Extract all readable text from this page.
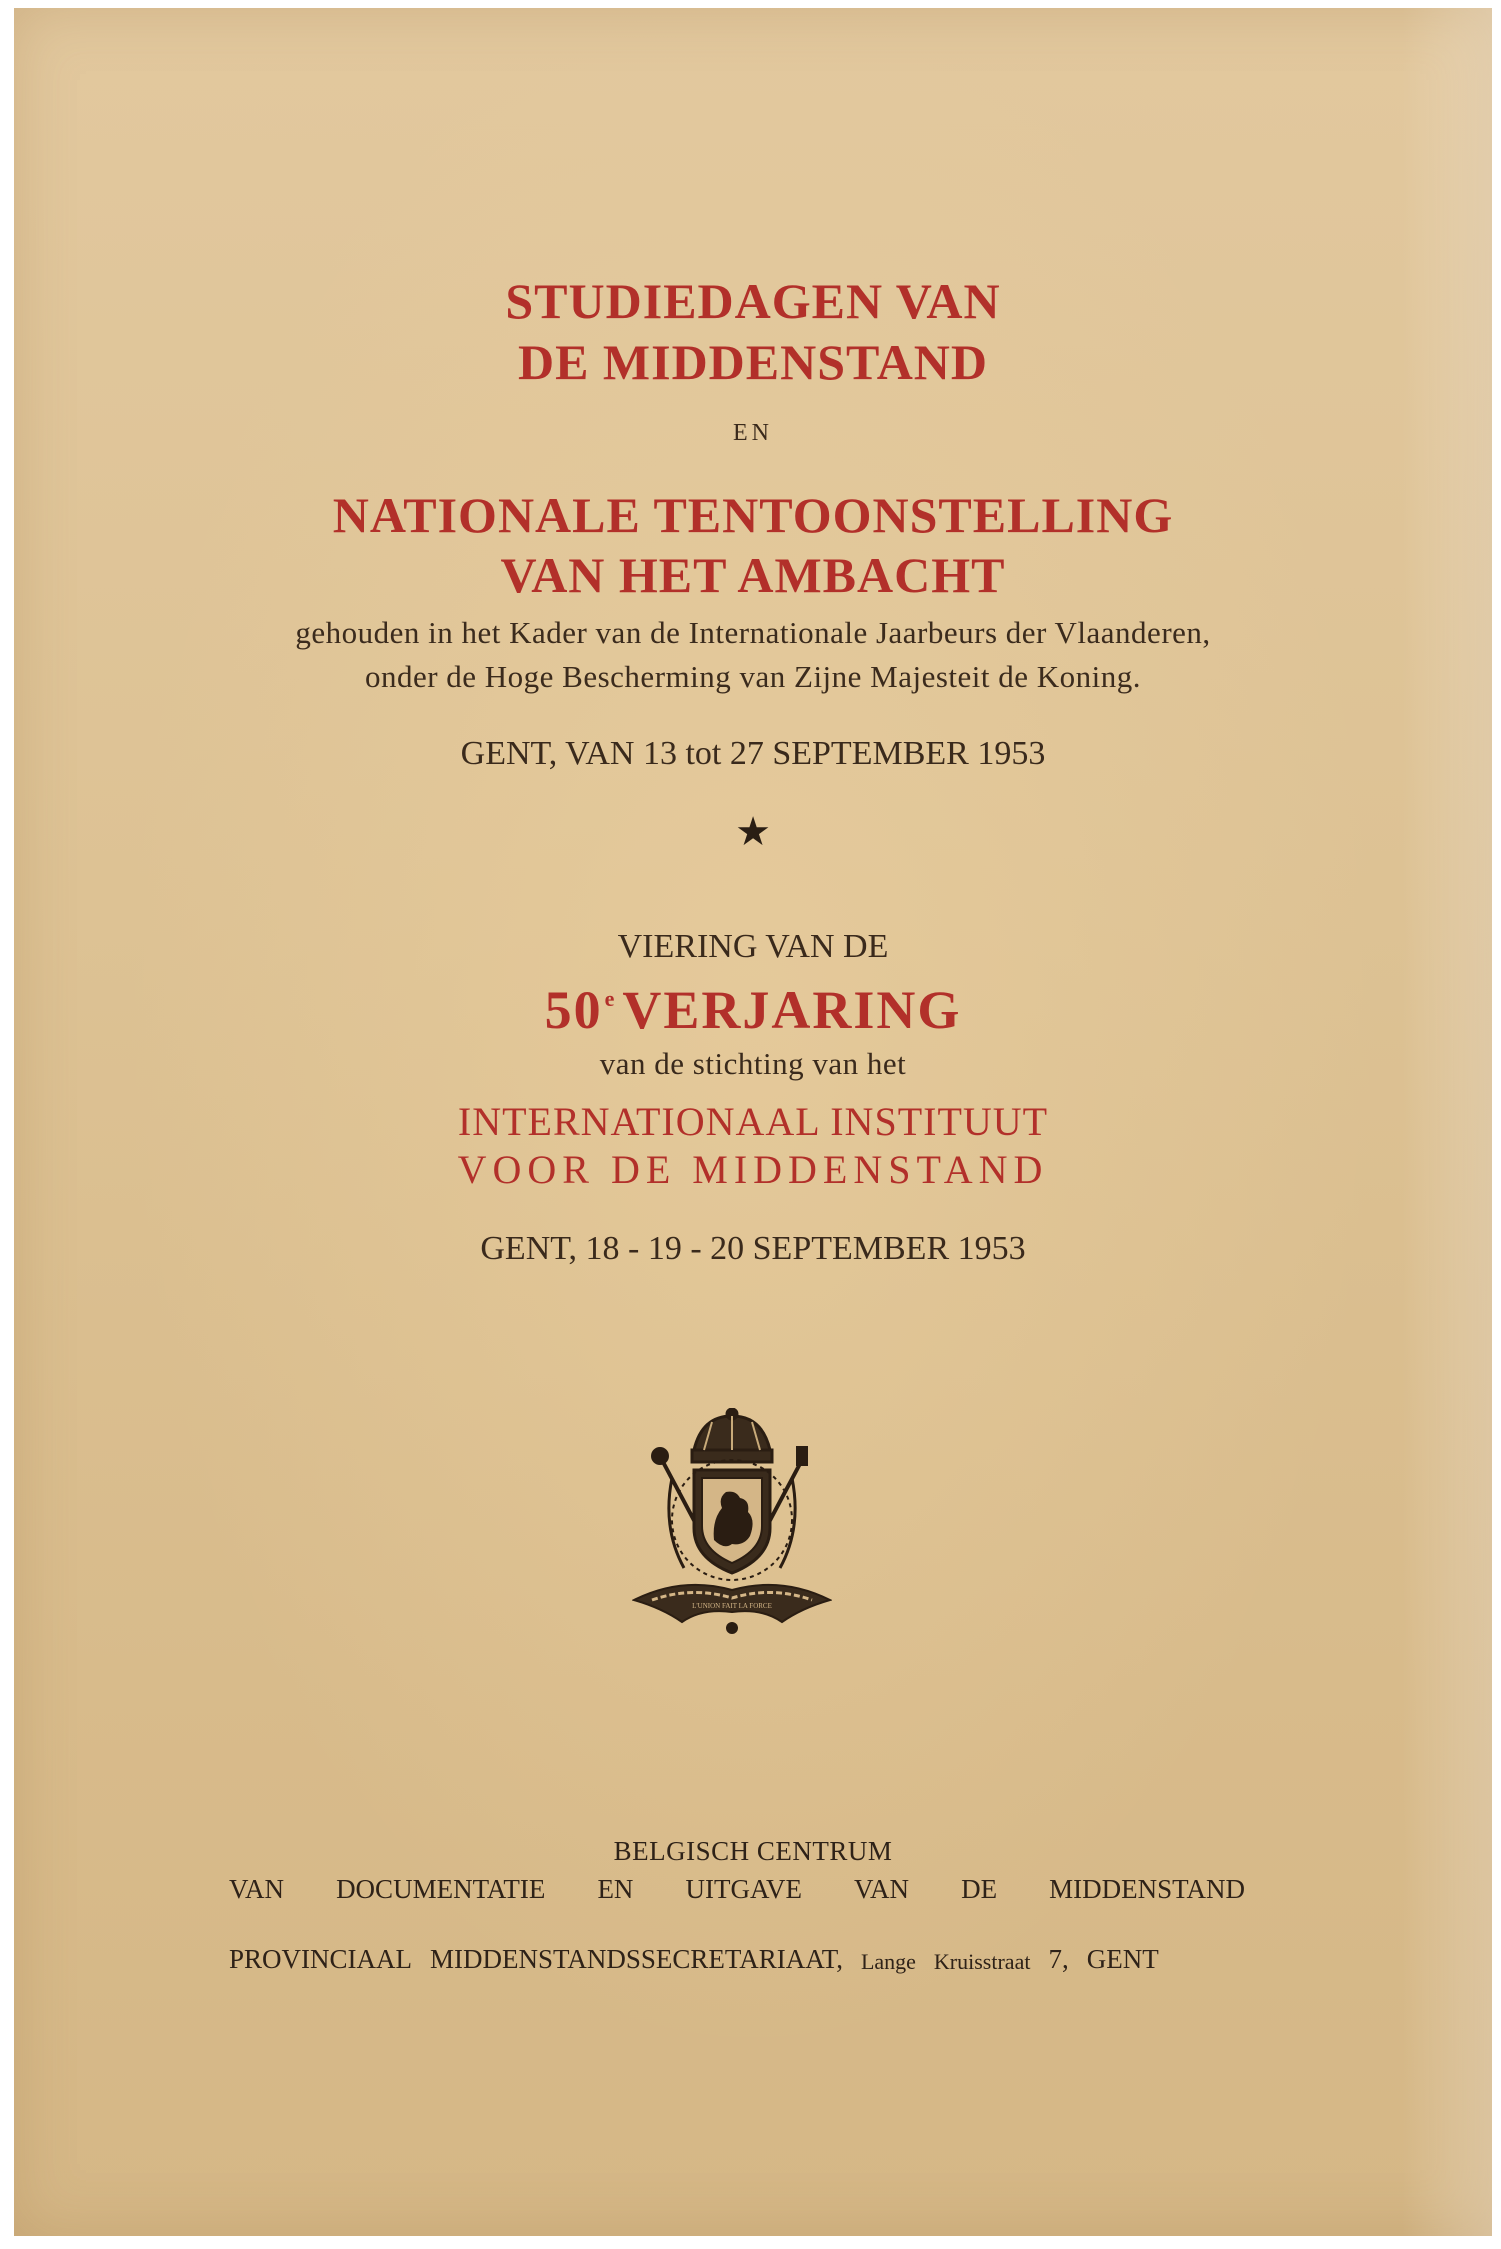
STUDIEDAGEN VAN
DE MIDDENSTAND
EN
NATIONALE TENTOONSTELLING
VAN HET AMBACHT
gehouden in het Kader van de Internationale Jaarbeurs der Vlaanderen,
onder de Hoge Bescherming van Zijne Majesteit de Koning.
GENT, VAN 13 tot 27 SEPTEMBER 1953
★
VIERING VAN DE
50e VERJARING
van de stichting van het
INTERNATIONAAL INSTITUUT
VOOR DE MIDDENSTAND
GENT, 18 - 19 - 20 SEPTEMBER 1953
L'UNION FAIT LA FORCE
BELGISCH CENTRUM
VAN DOCUMENTATIE EN UITGAVE VAN DE MIDDENSTAND
PROVINCIAAL MIDDENSTANDSSECRETARIAAT, Lange Kruisstraat 7, GENT
